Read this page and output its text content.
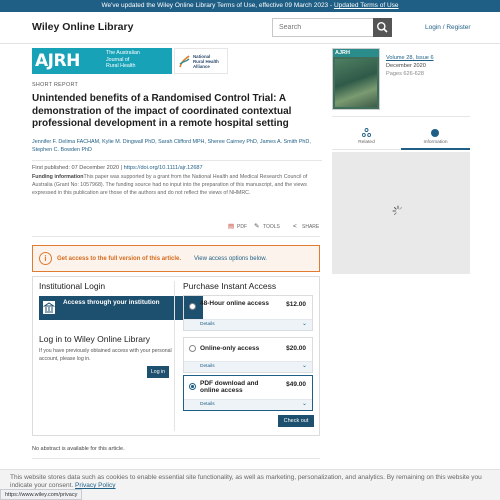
We've updated the Wiley Online Library Terms of Use, effective 09 March 2023 - Updated Terms of Use
Wiley Online Library
Search	Login / Register
AJRH	The Australian
Journal of
Rural Health
National
Rural Health
Alliance
SHORT REPORT
Unintended benefits of a Randomised Control Trial: A demonstration of the impact of coordinated contextual professional development in a remote hospital setting
Jennifer F. Delima FACHAM, Kylie M. Dingwall PhD, Sarah Clifford MPH, Sheree Cairney PhD, James A. Smith PhD, Stephen C. Bowden PhD
First published: 07 December 2020 | https://doi.org/10.1111/ajr.12687
Funding informationThis paper was supported by a grant from the National Health and Medical Research Council of Australia (Grant No: 1057968). The funding source had no input into the preparation of this manuscript, and the views expressed in this publication are those of the authors and do not reflect the views of NHMRC.
▤ PDF ✎ TOOLS < SHARE
i	Get access to the full version of this article. View access options below.
Institutional Login
Access through your institution
Log in to Wiley Online Library
If you have previously obtained access with your personal account, please log in.
Log in
Purchase Instant Access
48-Hour online access	$12.00
Details	⌄
Online-only access	$20.00
Details	⌄
PDF download and online access
$49.00
Details	⌄
Check out
No abstract is available for this article.
AJRH
Volume 28, Issue 6
December 2020
Pages 626-628
Related	Information
This website stores data such as cookies to enable essential site functionality, as well as marketing, personalization, and analytics. By remaining on this website you indicate your consent. Privacy Policy
https://www.wiley.com/privacy
